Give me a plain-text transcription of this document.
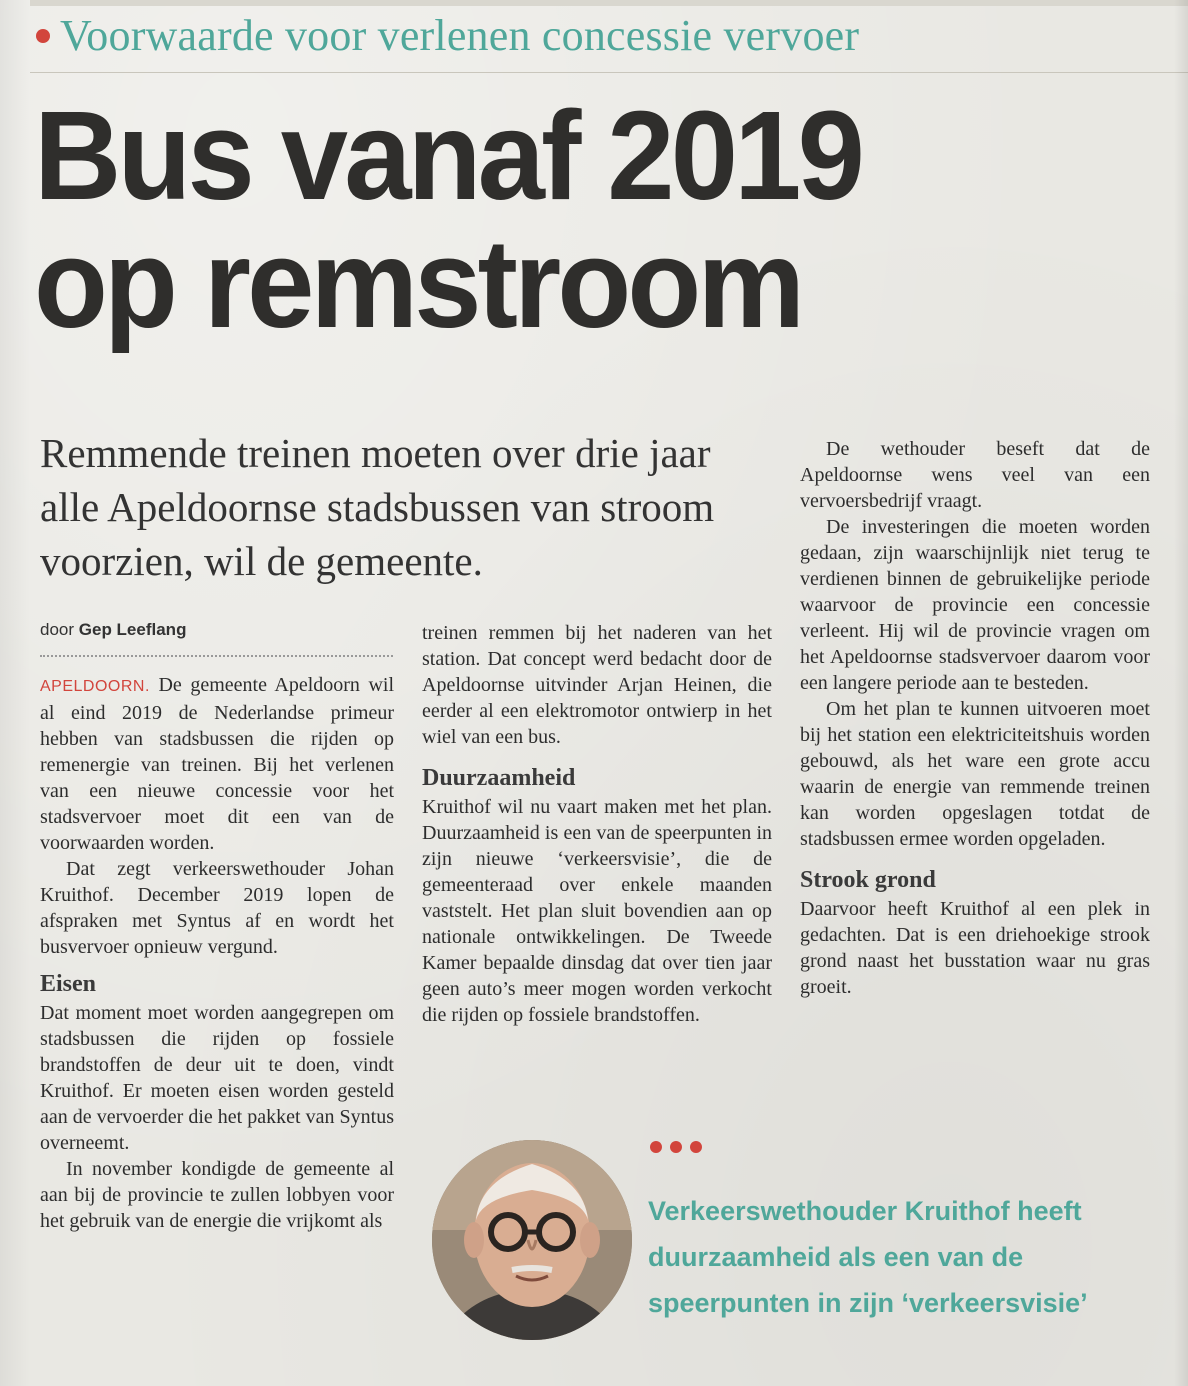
Voorwaarde voor verlenen concessie vervoer
Bus vanaf 2019
op remstroom
Remmende treinen moeten over drie jaar alle Apeldoornse stadsbussen van stroom voorzien, wil de gemeente.
door Gep Leeflang

APELDOORN. De gemeente Apeldoorn wil al eind 2019 de Nederlandse primeur hebben van stadsbussen die rijden op remenergie van treinen. Bij het verlenen van een nieuwe concessie voor het stadsvervoer moet dit een van de voorwaarden worden.

Dat zegt verkeerswethouder Johan Kruithof. December 2019 lopen de afspraken met Syntus af en wordt het busvervoer opnieuw vergund.

Eisen

Dat moment moet worden aangegrepen om stadsbussen die rijden op fossiele brandstoffen de deur uit te doen, vindt Kruithof. Er moeten eisen worden gesteld aan de vervoerder die het pakket van Syntus overneemt.

In november kondigde de gemeente al aan bij de provincie te zullen lobbyen voor het gebruik van de energie die vrijkomt als

treinen remmen bij het naderen van het station. Dat concept werd bedacht door de Apeldoornse uitvinder Arjan Heinen, die eerder al een elektromotor ontwierp in het wiel van een bus.

Duurzaamheid

Kruithof wil nu vaart maken met het plan. Duurzaamheid is een van de speerpunten in zijn nieuwe ‘verkeersvisie’, die de gemeenteraad over enkele maanden vaststelt. Het plan sluit bovendien aan op nationale ontwikkelingen. De Tweede Kamer bepaalde dinsdag dat over tien jaar geen auto’s meer mogen worden verkocht die rijden op fossiele brandstoffen.

De wethouder beseft dat de Apeldoornse wens veel van een vervoersbedrijf vraagt.

De investeringen die moeten worden gedaan, zijn waarschijnlijk niet terug te verdienen binnen de gebruikelijke periode waarvoor de provincie een concessie verleent. Hij wil de provincie vragen om het Apeldoornse stadsvervoer daarom voor een langere periode aan te besteden.

Om het plan te kunnen uitvoeren moet bij het station een elektriciteitshuis worden gebouwd, als het ware een grote accu waarin de energie van remmende treinen kan worden opgeslagen totdat de stadsbussen ermee worden opgeladen.

Strook grond

Daarvoor heeft Kruithof al een plek in gedachten. Dat is een driehoekige strook grond naast het busstation waar nu gras groeit.

Verkeerswethouder Kruithof heeft duurzaamheid als een van de speerpunten in zijn ‘verkeersvisie’
